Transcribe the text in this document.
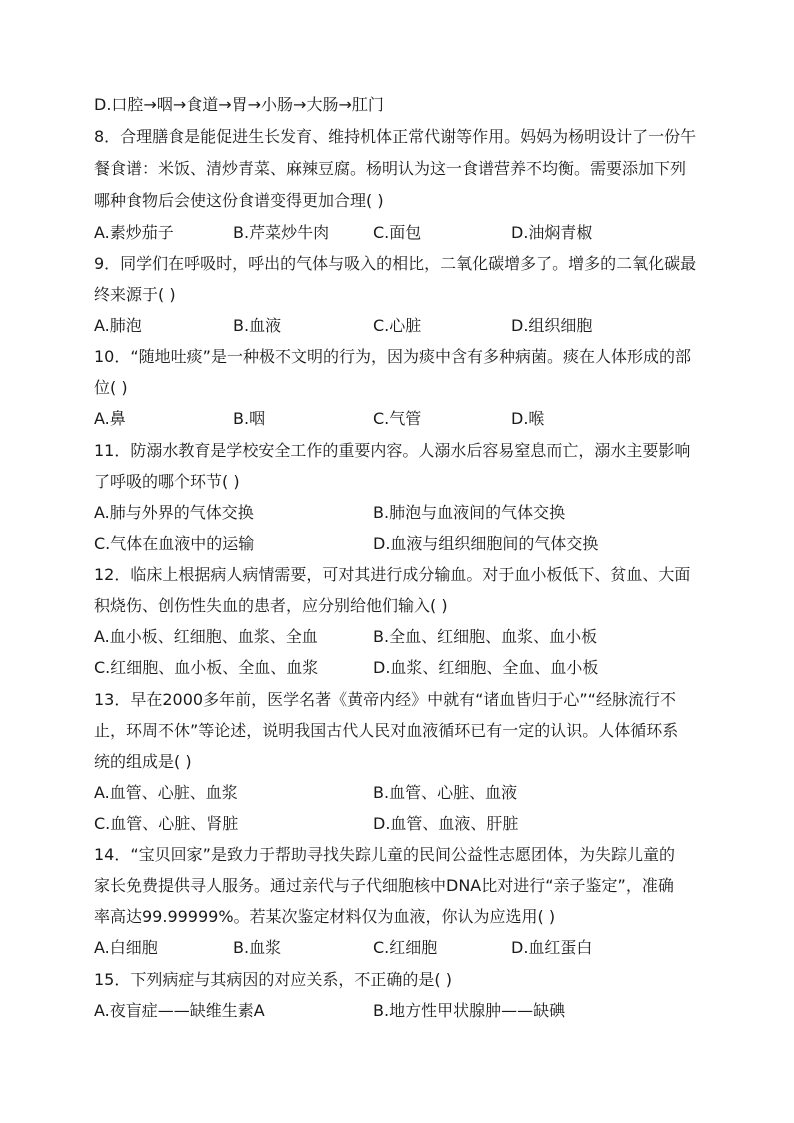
D.口腔→咽→食道→胃→小肠→大肠→肛门
8．合理膳食是能促进生长发育、维持机体正常代谢等作用。妈妈为杨明设计了一份午
餐食谱：米饭、清炒青菜、麻辣豆腐。杨明认为这一食谱营养不均衡。需要添加下列
哪种食物后会使这份食谱变得更加合理( )
A.素炒茄子	B.芹菜炒牛肉	C.面包	D.油焖青椒
9．同学们在呼吸时，呼出的气体与吸入的相比，二氧化碳增多了。增多的二氧化碳最
终来源于( )
A.肺泡	B.血液	C.心脏	D.组织细胞
10．“随地吐痰”是一种极不文明的行为，因为痰中含有多种病菌。痰在人体形成的部
位( )
A.鼻	B.咽	C.气管	D.喉
11．防溺水教育是学校安全工作的重要内容。人溺水后容易窒息而亡，溺水主要影响
了呼吸的哪个环节( )
A.肺与外界的气体交换	B.肺泡与血液间的气体交换
C.气体在血液中的运输	D.血液与组织细胞间的气体交换
12．临床上根据病人病情需要，可对其进行成分输血。对于血小板低下、贫血、大面
积烧伤、创伤性失血的患者，应分别给他们输入( )
A.血小板、红细胞、血浆、全血	B.全血、红细胞、血浆、血小板
C.红细胞、血小板、全血、血浆	D.血浆、红细胞、全血、血小板
13．早在2000多年前，医学名著《黄帝内经》中就有“诸血皆归于心”“经脉流行不
止，环周不休”等论述，说明我国古代人民对血液循环已有一定的认识。人体循环系
统的组成是( )
A.血管、心脏、血浆	B.血管、心脏、血液
C.血管、心脏、肾脏	D.血管、血液、肝脏
14．“宝贝回家”是致力于帮助寻找失踪儿童的民间公益性志愿团体，为失踪儿童的
家长免费提供寻人服务。通过亲代与子代细胞核中DNA比对进行“亲子鉴定”，准确
率高达99.99999%。若某次鉴定材料仅为血液，你认为应选用( )
A.白细胞	B.血浆	C.红细胞	D.血红蛋白
15．下列病症与其病因的对应关系，不正确的是( )
A.夜盲症——缺维生素A	B.地方性甲状腺肿——缺碘
